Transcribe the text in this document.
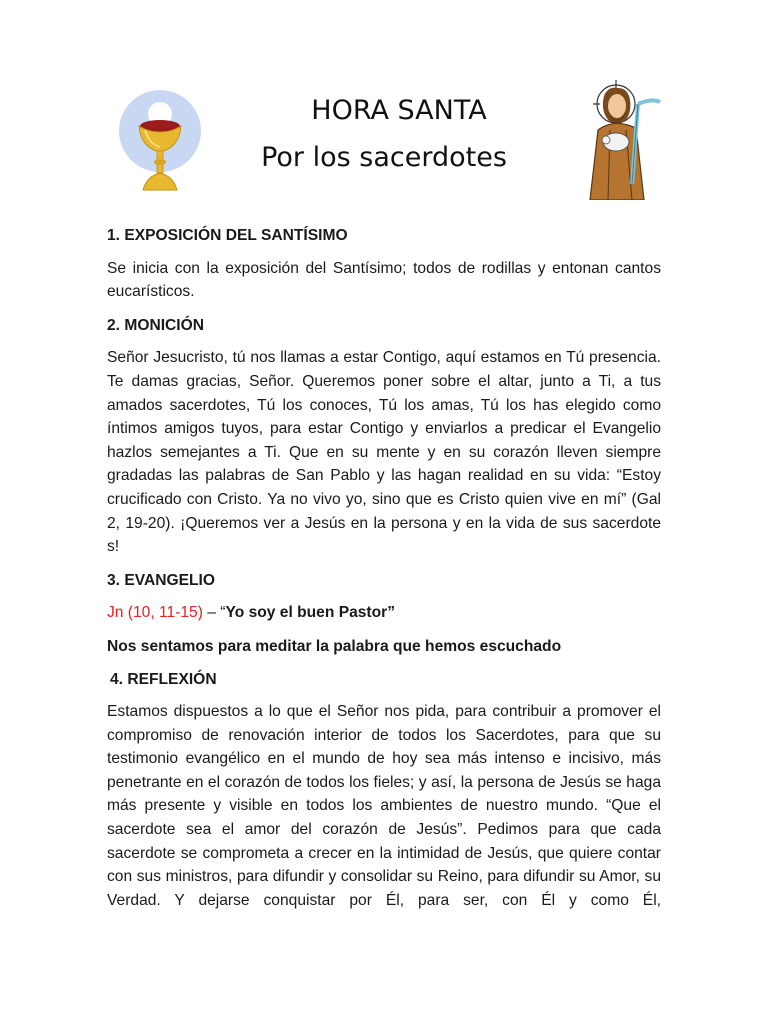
HORA SANTA
Por los sacerdotes
1. EXPOSICIÓN DEL SANTÍSIMO
Se inicia con la exposición del Santísimo; todos de rodillas y entonan cantos eucarísticos.
2. MONICIÓN
Señor Jesucristo, tú nos llamas a estar Contigo, aquí estamos en Tú presencia. Te damas gracias, Señor. Queremos poner sobre el altar, junto a Ti, a tus amados sacerdotes, Tú los conoces, Tú los amas, Tú los has elegido como íntimos amigos tuyos, para estar Contigo y enviarlos a predicar el Evangelio hazlos semejantes a Ti. Que en su mente y en su corazón lleven siempre gradadas las palabras de San Pablo y las hagan realidad en su vida: “Estoy crucificado con Cristo. Ya no vivo yo, sino que es Cristo quien vive en mí” (Gal 2, 19-20). ¡Queremos ver a Jesús en la persona y en la vida de sus sacerdote s!
3. EVANGELIO
Jn (10, 11-15) – “Yo soy el buen Pastor”
Nos sentamos para meditar la palabra que hemos escuchado
4. REFLEXIÓN
Estamos dispuestos a lo que el Señor nos pida, para contribuir a promover el compromiso de renovación interior de todos los Sacerdotes, para que su testimonio evangélico en el mundo de hoy sea más intenso e incisivo, más penetrante en el corazón de todos los fieles; y así, la persona de Jesús se haga más presente y visible en todos los ambientes de nuestro mundo. “Que el sacerdote sea el amor del corazón de Jesús”. Pedimos para que cada sacerdote se comprometa a crecer en la intimidad de Jesús, que quiere contar con sus ministros, para difundir y consolidar su Reino, para difundir su Amor, su Verdad. Y dejarse conquistar por Él, para ser, con Él y como Él,
